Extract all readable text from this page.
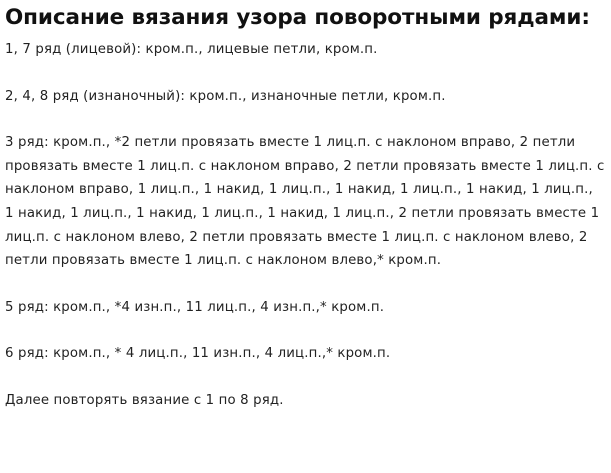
Описание вязания узора поворотными рядами:

1, 7 ряд (лицевой): кром.п., лицевые петли, кром.п.

2, 4, 8 ряд (изнаночный): кром.п., изнаночные петли, кром.п.

3 ряд: кром.п., *2 петли провязать вместе 1 лиц.п. с наклоном вправо, 2 петли провязать вместе 1 лиц.п. с наклоном вправо, 2 петли провязать вместе 1 лиц.п. с наклоном вправо, 1 лиц.п., 1 накид, 1 лиц.п., 1 накид, 1 лиц.п., 1 накид, 1 лиц.п., 1 накид, 1 лиц.п., 1 накид, 1 лиц.п., 1 накид, 1 лиц.п., 2 петли провязать вместе 1 лиц.п. с наклоном влево, 2 петли провязать вместе 1 лиц.п. с наклоном влево, 2 петли провязать вместе 1 лиц.п. с наклоном влево,* кром.п.

5 ряд: кром.п., *4 изн.п., 11 лиц.п., 4 изн.п.,* кром.п.

6 ряд: кром.п., * 4 лиц.п., 11 изн.п., 4 лиц.п.,* кром.п.

Далее повторять вязание с 1 по 8 ряд.
